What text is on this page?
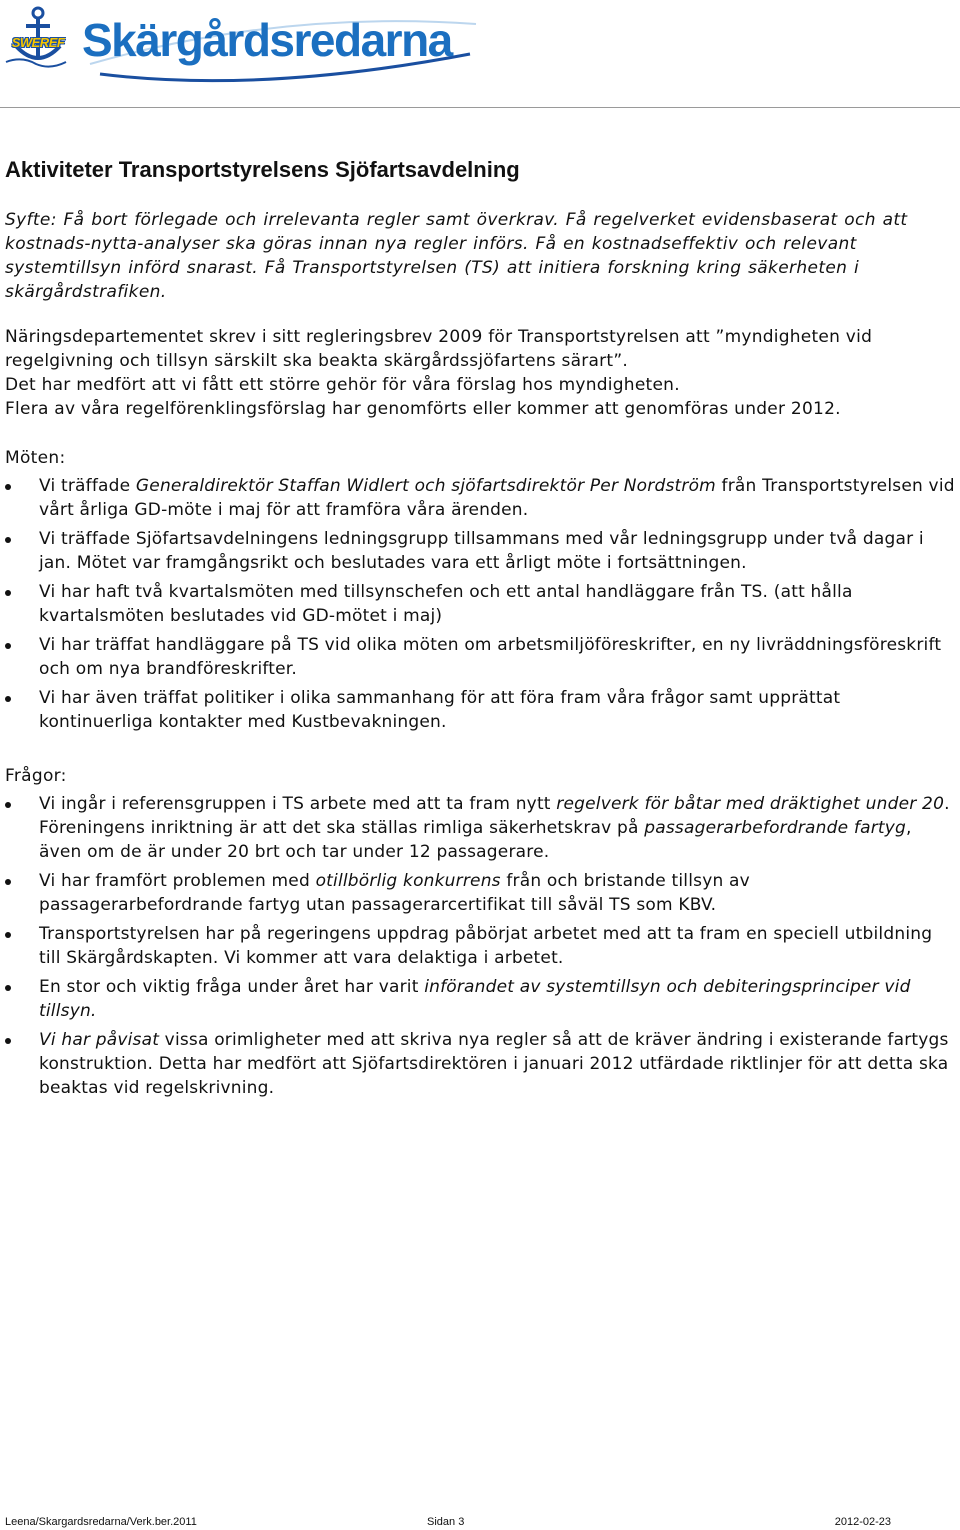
SWEREF Skärgårdsredarna
Aktiviteter Transportstyrelsens Sjöfartsavdelning

Syfte: Få bort förlegade och irrelevanta regler samt överkrav. Få regelverket evidensbaserat och att kostnads-nytta-analyser ska göras innan nya regler införs. Få en kostnadseffektiv och relevant systemtillsyn införd snarast. Få Transportstyrelsen (TS) att initiera forskning kring säkerheten i skärgårdstrafiken.

Näringsdepartementet skrev i sitt regleringsbrev 2009 för Transportstyrelsen att ”myndigheten vid regelgivning och tillsyn särskilt ska beakta skärgårdssjöfartens särart”.

Det har medfört att vi fått ett större gehör för våra förslag hos myndigheten.

Flera av våra regelförenklingsförslag har genomförts eller kommer att genomföras under 2012.

Möten:

Vi träffade Generaldirektör Staffan Widlert och sjöfartsdirektör Per Nordström från Transportstyrelsen vid vårt årliga GD-möte i maj för att framföra våra ärenden.
Vi träffade Sjöfartsavdelningens ledningsgrupp tillsammans med vår ledningsgrupp under två dagar i jan. Mötet var framgångsrikt och beslutades vara ett årligt möte i fortsättningen.
Vi har haft två kvartalsmöten med tillsynschefen och ett antal handläggare från TS. (att hålla kvartalsmöten beslutades vid GD-mötet i maj)
Vi har träffat handläggare på TS vid olika möten om arbetsmiljöföreskrifter, en ny livräddningsföreskrift och om nya brandföreskrifter.
Vi har även träffat politiker i olika sammanhang för att föra fram våra frågor samt upprättat kontinuerliga kontakter med Kustbevakningen.

Frågor:

Vi ingår i referensgruppen i TS arbete med att ta fram nytt regelverk för båtar med dräktighet under 20. Föreningens inriktning är att det ska ställas rimliga säkerhetskrav på passagerarbefordrande fartyg, även om de är under 20 brt och tar under 12 passagerare.
Vi har framfört problemen med otillbörlig konkurrens från och bristande tillsyn av passagerarbefordrande fartyg utan passagerarcertifikat till såväl TS som KBV.
Transportstyrelsen har på regeringens uppdrag påbörjat arbetet med att ta fram en speciell utbildning till Skärgårdskapten. Vi kommer att vara delaktiga i arbetet.
En stor och viktig fråga under året har varit införandet av systemtillsyn och debiteringsprinciper vid tillsyn.
Vi har påvisat vissa orimligheter med att skriva nya regler så att de kräver ändring i existerande fartygs konstruktion. Detta har medfört att Sjöfartsdirektören i januari 2012 utfärdade riktlinjer för att detta ska beaktas vid regelskrivning.
Leena/Skargardsredarna/Verk.ber.2011	Sidan 3	2012-02-23
